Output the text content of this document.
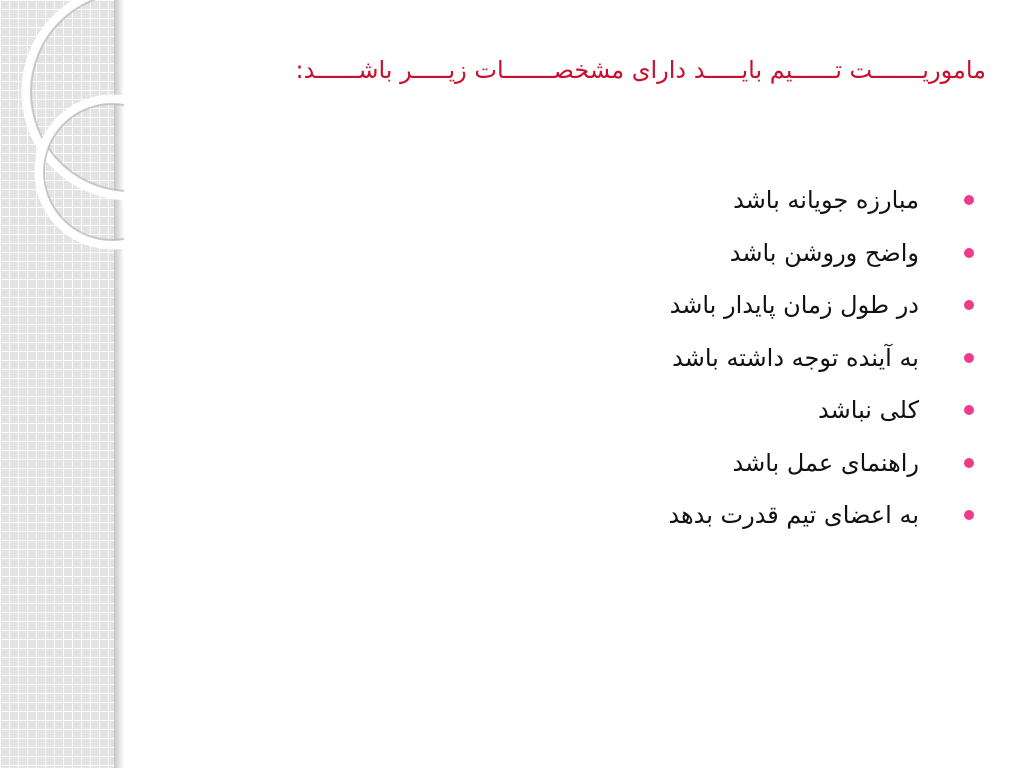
ماموریـــــــت تــــــیم بایـــــد دارای مشخصـــــــات زیـــــر باشــــــد:
مبارزه جویانه باشد
واضح وروشن باشد
در طول زمان پایدار باشد
به آینده توجه داشته باشد
کلی نباشد
راهنمای عمل باشد
به اعضای تیم قدرت بدهد
